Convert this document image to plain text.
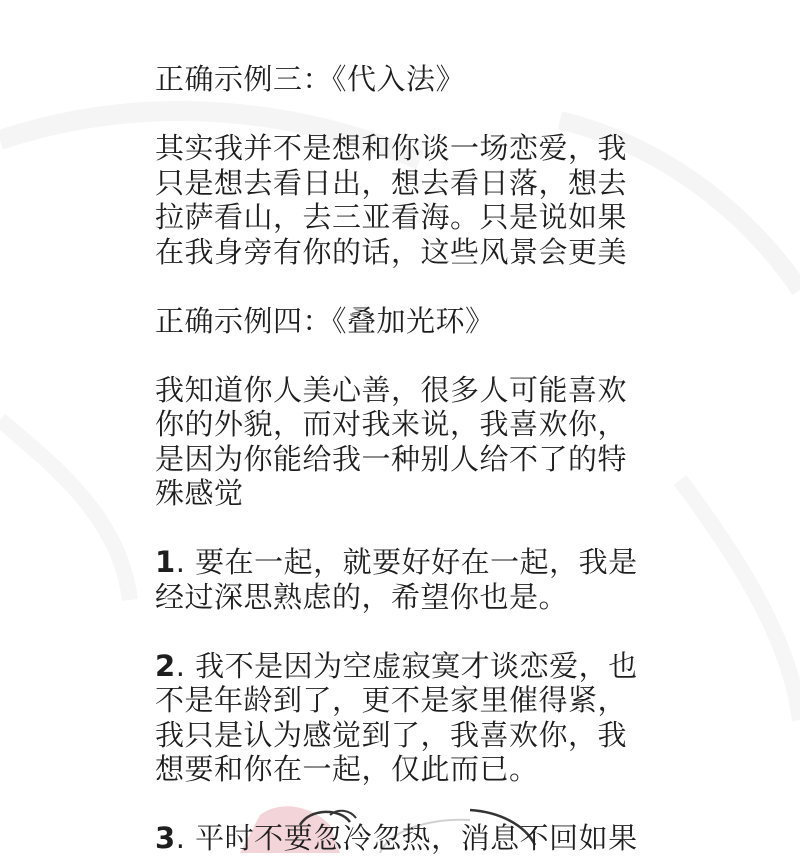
正确示例三：《代入法》
其实我并不是想和你谈一场恋爱，我
只是想去看日出，想去看日落，想去
拉萨看山，去三亚看海。只是说如果
在我身旁有你的话，这些风景会更美
正确示例四：《叠加光环》
我知道你人美心善，很多人可能喜欢
你的外貌，而对我来说，我喜欢你，
是因为你能给我一种别人给不了的特
殊感觉
1. 要在一起，就要好好在一起，我是
经过深思熟虑的，希望你也是。
2. 我不是因为空虚寂寞才谈恋爱，也
不是年龄到了，更不是家里催得紧，
我只是认为感觉到了，我喜欢你，我
想要和你在一起，仅此而已。
3. 平时不要忽冷忽热，消息不回如果
